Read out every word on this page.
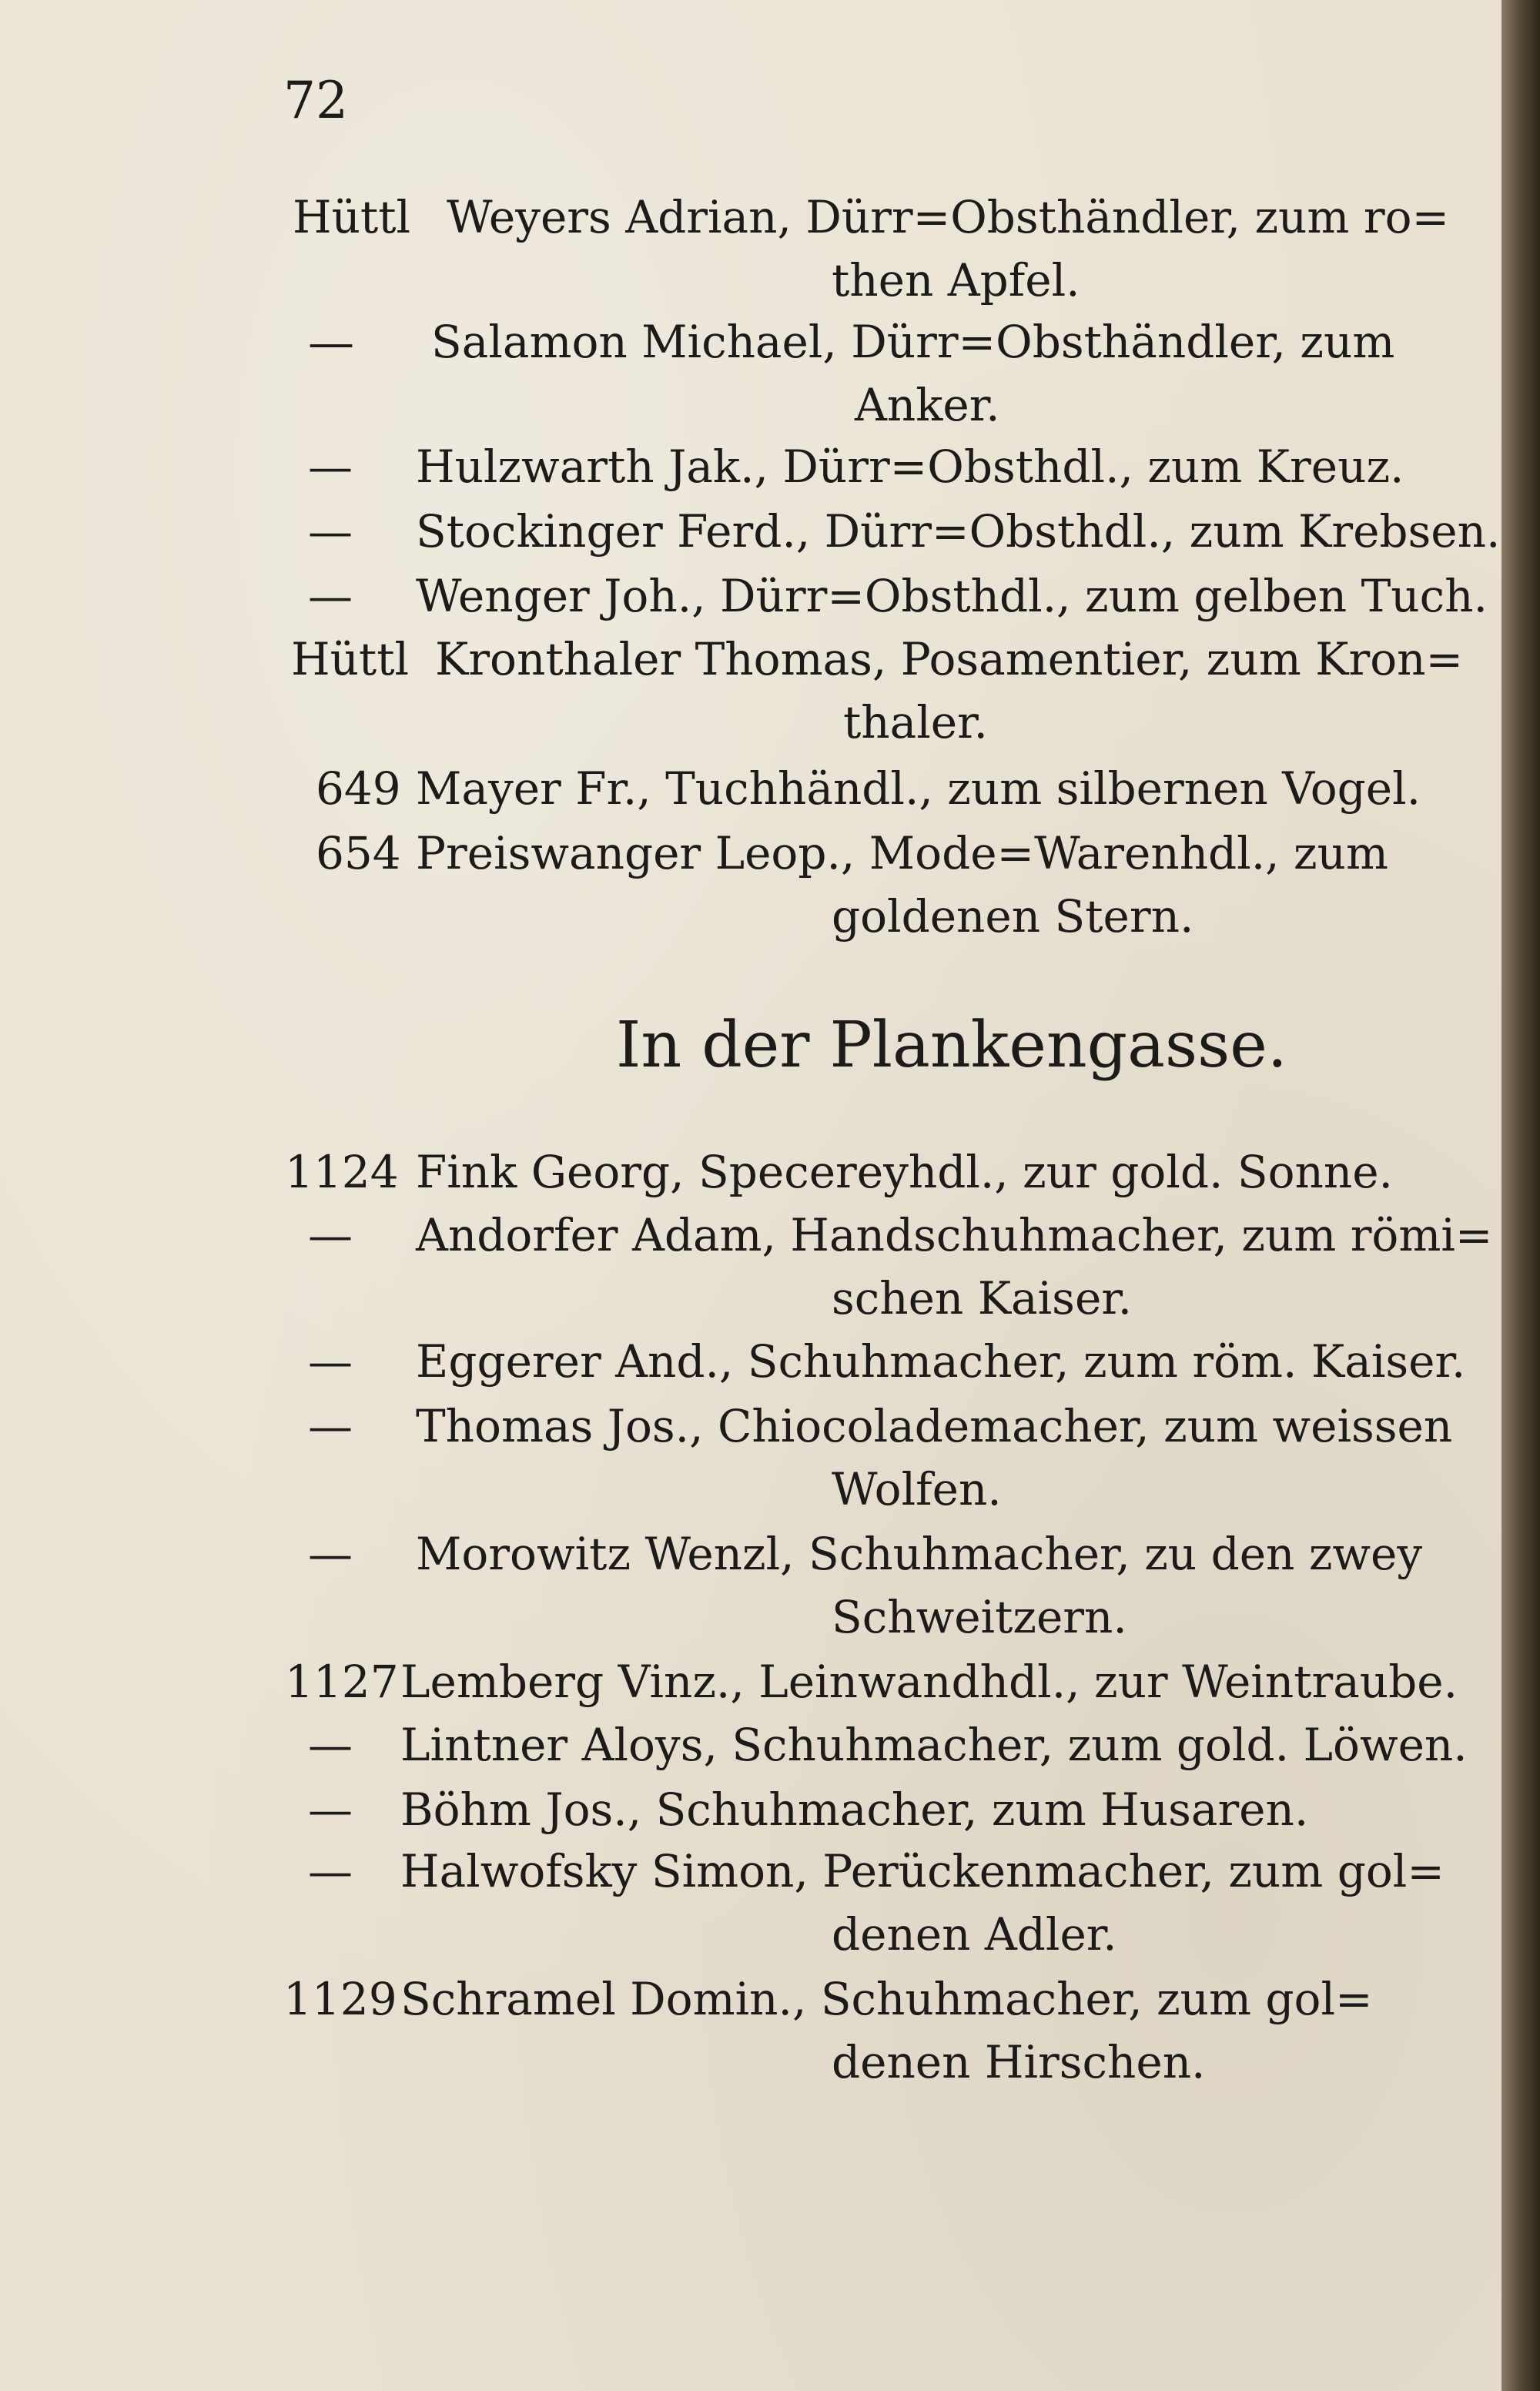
72
Hüttl Weyers Adrian, Dürr=Obsthändler, zum ro=
then Apfel.
— Salamon Michael, Dürr=Obsthändler, zum
Anker.
— Hulzwarth Jak., Dürr=Obsthdl., zum Kreuz.
— Stockinger Ferd., Dürr=Obsthdl., zum Krebsen.
— Wenger Joh., Dürr=Obsthdl., zum gelben Tuch.
Hüttl Kronthaler Thomas, Posamentier, zum Kron=
thaler.
649 Mayer Fr., Tuchhändl., zum silbernen Vogel.
654 Preiswanger Leop., Mode=Warenhdl., zum
goldenen Stern.
In der Plankengasse.
1124 Fink Georg, Specereyhdl., zur gold. Sonne.
— Andorfer Adam, Handschuhmacher, zum römi=
schen Kaiser.
— Eggerer And., Schuhmacher, zum röm. Kaiser.
— Thomas Jos., Chiocolademacher, zum weissen
Wolfen.
— Morowitz Wenzl, Schuhmacher, zu den zwey
Schweitzern.
1127 Lemberg Vinz., Leinwandhdl., zur Weintraube.
— Lintner Aloys, Schuhmacher, zum gold. Löwen.
— Böhm Jos., Schuhmacher, zum Husaren.
— Halwofsky Simon, Perückenmacher, zum gol=
denen Adler.
1129 Schramel Domin., Schuhmacher, zum gol=
denen Hirschen.
